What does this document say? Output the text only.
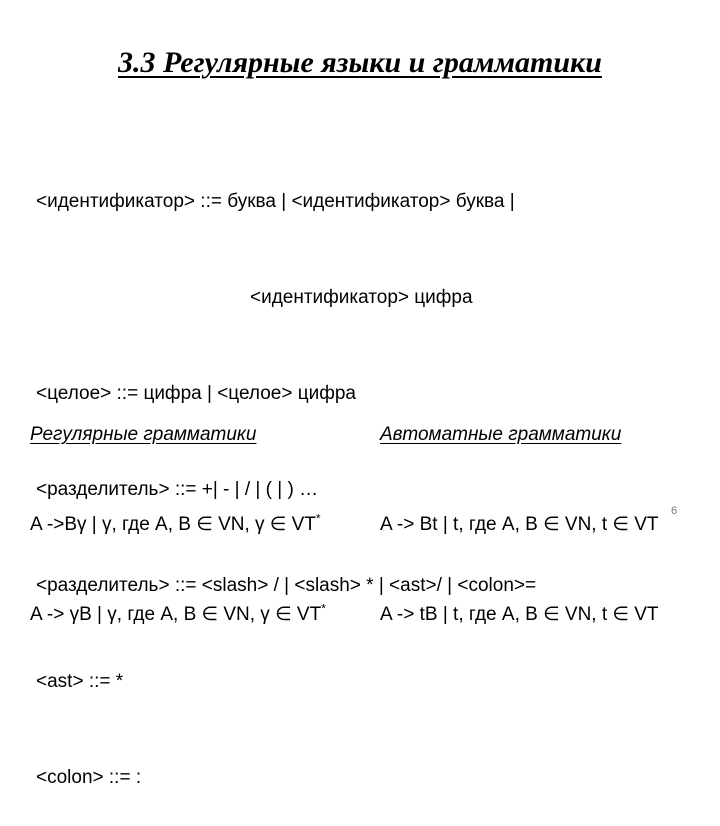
3.3 Регулярные языки и грамматики

<идентификатор> ::= буква | <идентификатор> буква |

<идентификатор> цифра

<целое> ::= цифра | <целое> цифра

<разделитель> ::= +| - | / | ( | ) …

<разделитель> ::= <slash> / | <slash> * | <ast>/ | <colon>=

<ast> ::= *

<colon> ::= :

Регулярные грамматики

A ->Bγ | γ, где A, B ∈ VN, γ ∈ VT*

A -> γB | γ, где A, B ∈ VN, γ ∈ VT*

Автоматные грамматики

A -> Bt | t, где A, B ∈ VN, t ∈ VT

A -> tB | t, где A, B ∈ VN, t ∈ VT

6
